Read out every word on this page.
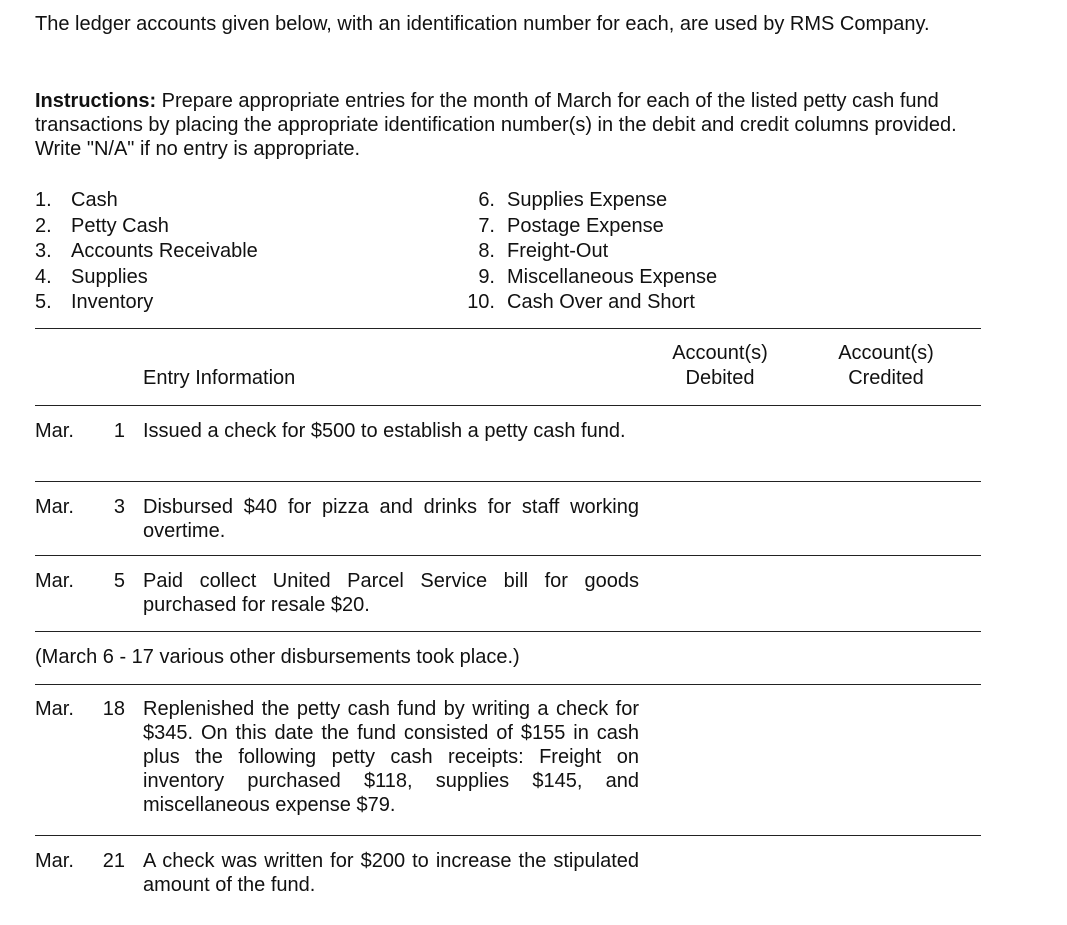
The ledger accounts given below, with an identification number for each, are used by RMS Company.
Instructions: Prepare appropriate entries for the month of March for each of the listed petty cash fund transactions by placing the appropriate identification number(s) in the debit and credit columns provided. Write "N/A" if no entry is appropriate.
1. Cash
2. Petty Cash
3. Accounts Receivable
4. Supplies
5. Inventory
6. Supplies Expense
7. Postage Expense
8. Freight-Out
9. Miscellaneous Expense
10. Cash Over and Short
Entry Information
Account(s)
Debited
Account(s)
Credited
Mar.	1 Issued a check for $500 to establish a petty cash fund.
Mar.	3 Disbursed $40 for pizza and drinks for staff working overtime.
Mar.	5 Paid collect United Parcel Service bill for goods purchased for resale $20.
(March 6 - 17 various other disbursements took place.)
Mar.	18 Replenished the petty cash fund by writing a check for $345. On this date the fund consisted of $155 in cash plus the following petty cash receipts: Freight on inventory purchased $118, supplies $145, and miscellaneous expense $79.
Mar.	21 A check was written for $200 to increase the stipulated amount of the fund.
